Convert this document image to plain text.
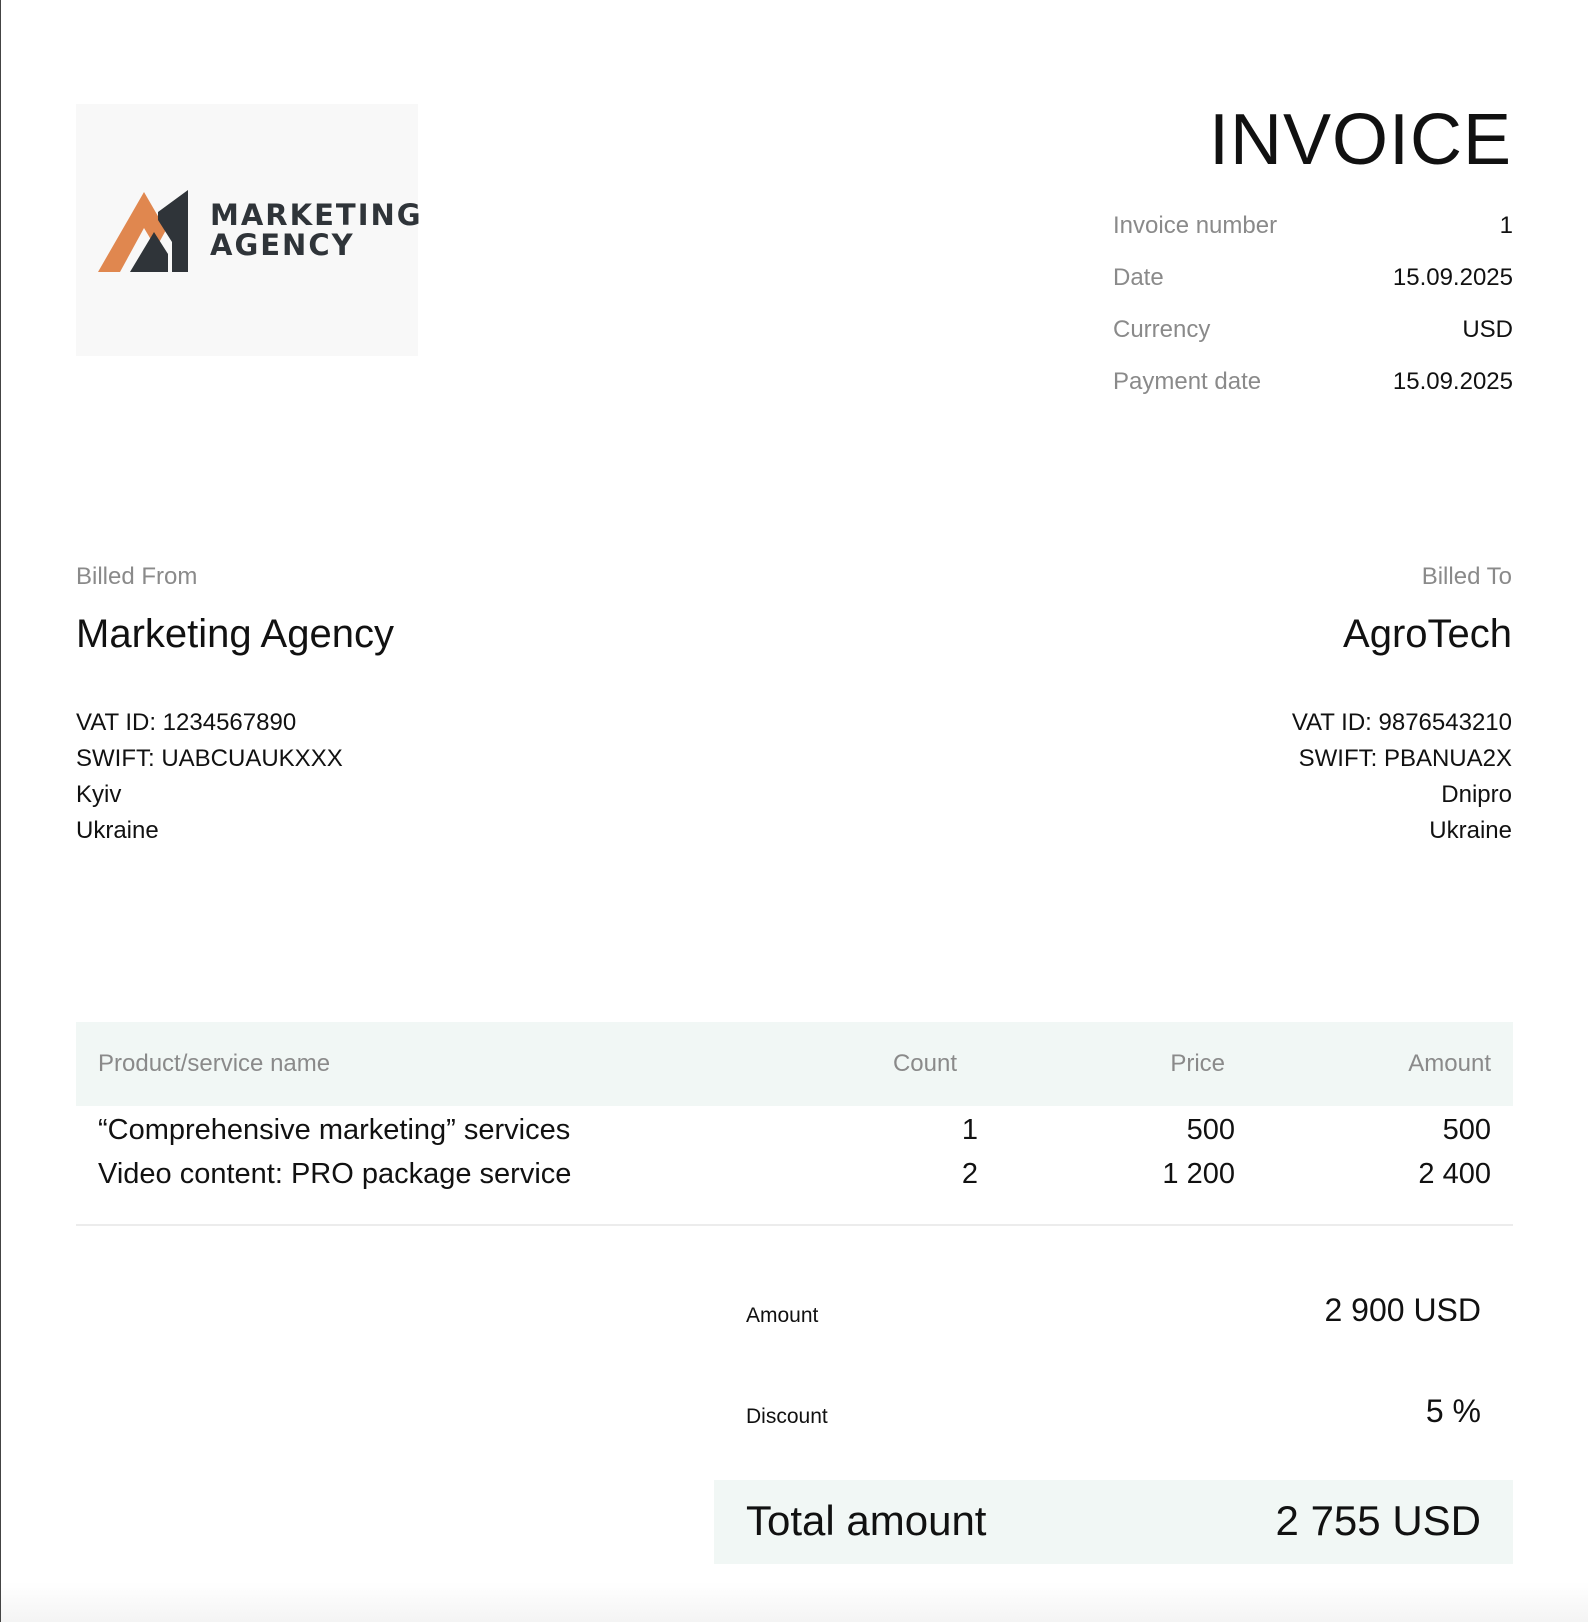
MARKETING
AGENCY
INVOICE
Invoice number	1
Date	15.09.2025
Currency	USD
Payment date	15.09.2025
Billed From
Marketing Agency
VAT ID: 1234567890
SWIFT: UABCUAUKXXX
Kyiv
Ukraine
Billed To
AgroTech
VAT ID: 9876543210
SWIFT: PBANUA2X
Dnipro
Ukraine
Product/service name	Count	Price	Amount
“Comprehensive marketing” services	1	500	500
Video content: PRO package service	2	1 200	2 400
Amount	2 900 USD
Discount	5 %
Total amount	2 755 USD
